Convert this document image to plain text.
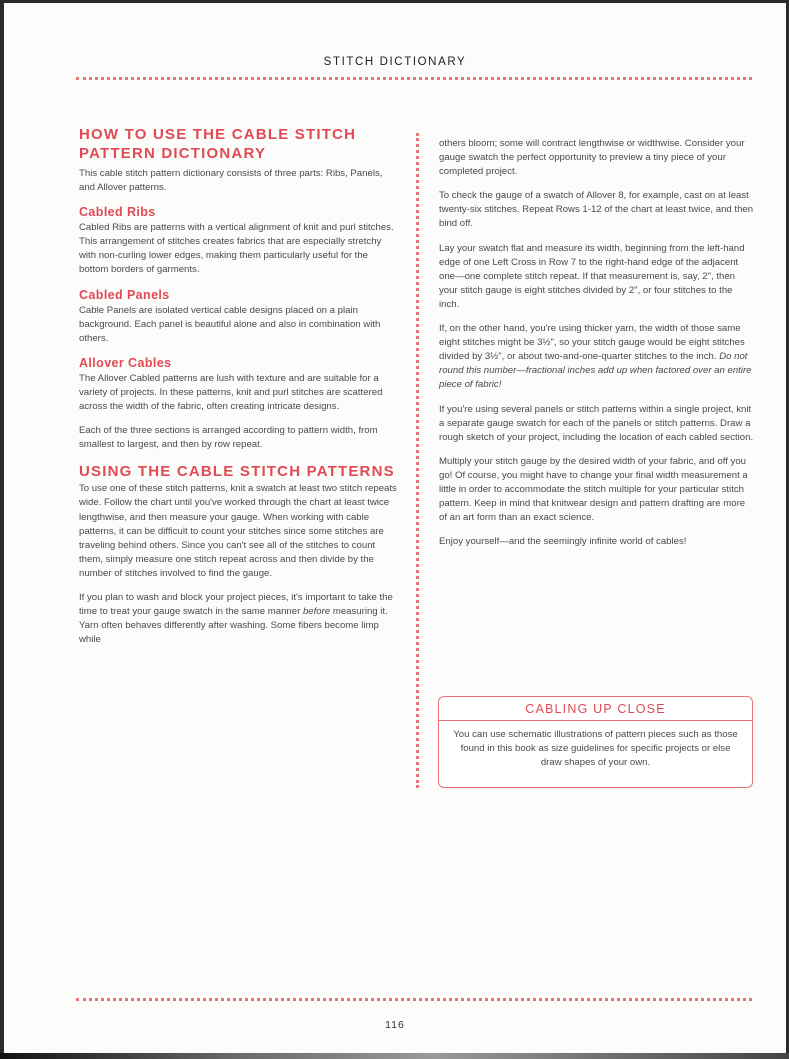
STITCH DICTIONARY
HOW TO USE THE CABLE STITCH
PATTERN DICTIONARY

This cable stitch pattern dictionary consists of three parts: Ribs, Panels, and Allover patterns.

Cabled Ribs

Cabled Ribs are patterns with a vertical alignment of knit and purl stitches. This arrangement of stitches creates fabrics that are especially stretchy with non-curling lower edges, making them particularly useful for the bottom borders of garments.

Cabled Panels

Cable Panels are isolated vertical cable designs placed on a plain background. Each panel is beautiful alone and also in combination with others.

Allover Cables

The Allover Cabled patterns are lush with texture and are suitable for a variety of projects. In these patterns, knit and purl stitches are scattered across the width of the fabric, often creating intricate designs.

Each of the three sections is arranged according to pattern width, from smallest to largest, and then by row repeat.

USING THE CABLE STITCH PATTERNS

To use one of these stitch patterns, knit a swatch at least two stitch repeats wide. Follow the chart until you've worked through the chart at least twice lengthwise, and then measure your gauge. When working with cable patterns, it can be difficult to count your stitches since some stitches are traveling behind others. Since you can't see all of the stitches to count them, simply measure one stitch repeat across and then divide by the number of stitches involved to find the gauge.

If you plan to wash and block your project pieces, it's important to take the time to treat your gauge swatch in the same manner before measuring it. Yarn often behaves differently after washing. Some fibers become limp while

others bloom; some will contract lengthwise or widthwise. Consider your gauge swatch the perfect opportunity to preview a tiny piece of your completed project.

To check the gauge of a swatch of Allover 8, for example, cast on at least twenty-six stitches. Repeat Rows 1-12 of the chart at least twice, and then bind off.

Lay your swatch flat and measure its width, beginning from the left-hand edge of one Left Cross in Row 7 to the right-hand edge of the adjacent one—one complete stitch repeat. If that measurement is, say, 2", then your stitch gauge is eight stitches divided by 2", or four stitches to the inch.

If, on the other hand, you're using thicker yarn, the width of those same eight stitches might be 3½", so your stitch gauge would be eight stitches divided by 3½", or about two-and-one-quarter stitches to the inch. Do not round this number—fractional inches add up when factored over an entire piece of fabric!

If you're using several panels or stitch patterns within a single project, knit a separate gauge swatch for each of the panels or stitch patterns. Draw a rough sketch of your project, including the location of each cabled section.

Multiply your stitch gauge by the desired width of your fabric, and off you go! Of course, you might have to change your final width measurement a little in order to accommodate the stitch multiple for your particular stitch pattern. Keep in mind that knitwear design and pattern drafting are more of an art form than an exact science.

Enjoy yourself—and the seemingly infinite world of cables!

CABLING UP CLOSE
You can use schematic illustrations of pattern pieces such as those found in this book as size guidelines for specific projects or else draw shapes of your own.
116
